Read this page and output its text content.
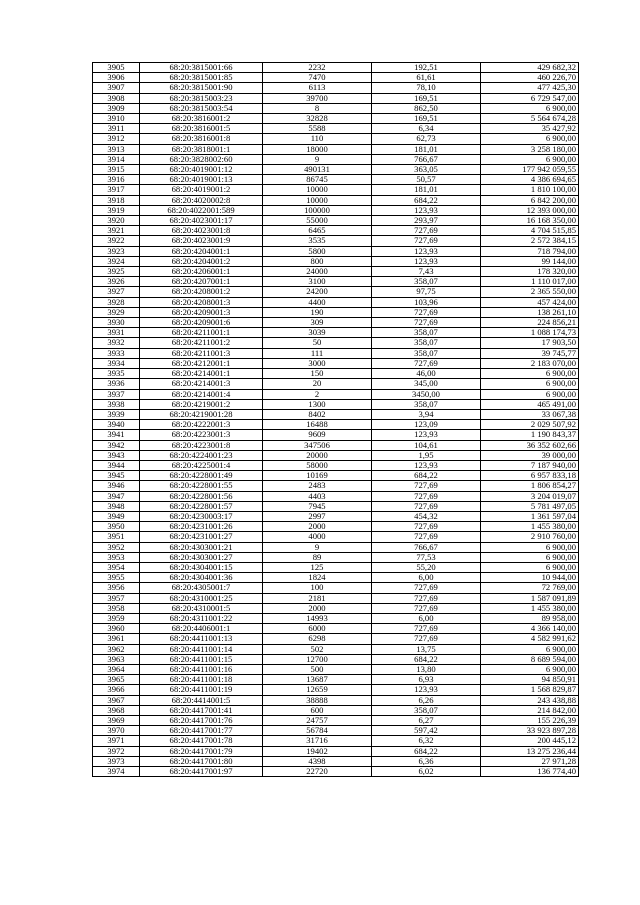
3905	68:20:3815001:66	2232	192,51	429 682,32
3906	68:20:3815001:85	7470	61,61	460 226,70
3907	68:20:3815001:90	6113	78,10	477 425,30
3908	68:20:3815003:23	39700	169,51	6 729 547,00
3909	68:20:3815003:54	8	862,50	6 900,00
3910	68:20:3816001:2	32828	169,51	5 564 674,28
3911	68:20:3816001:5	5588	6,34	35 427,92
3912	68:20:3816001:8	110	62,73	6 900,00
3913	68:20:3818001:1	18000	181,01	3 258 180,00
3914	68:20:3828002:60	9	766,67	6 900,00
3915	68:20:4019001:12	490131	363,05	177 942 059,55
3916	68:20:4019001:13	86745	50,57	4 386 694,65
3917	68:20:4019001:2	10000	181,01	1 810 100,00
3918	68:20:4020002:8	10000	684,22	6 842 200,00
3919	68:20:4022001:589	100000	123,93	12 393 000,00
3920	68:20:4023001:17	55000	293,97	16 168 350,00
3921	68:20:4023001:8	6465	727,69	4 704 515,85
3922	68:20:4023001:9	3535	727,69	2 572 384,15
3923	68:20:4204001:1	5800	123,93	718 794,00
3924	68:20:4204001:2	800	123,93	99 144,00
3925	68:20:4206001:1	24000	7,43	178 320,00
3926	68:20:4207001:1	3100	358,07	1 110 017,00
3927	68:20:4208001:2	24200	97,75	2 365 550,00
3928	68:20:4208001:3	4400	103,96	457 424,00
3929	68:20:4209001:3	190	727,69	138 261,10
3930	68:20:4209001:6	309	727,69	224 856,21
3931	68:20:4211001:1	3039	358,07	1 088 174,73
3932	68:20:4211001:2	50	358,07	17 903,50
3933	68:20:4211001:3	111	358,07	39 745,77
3934	68:20:4212001:1	3000	727,69	2 183 070,00
3935	68:20:4214001:1	150	46,00	6 900,00
3936	68:20:4214001:3	20	345,00	6 900,00
3937	68:20:4214001:4	2	3450,00	6 900,00
3938	68:20:4219001:2	1300	358,07	465 491,00
3939	68:20:4219001:28	8402	3,94	33 067,38
3940	68:20:4222001:3	16488	123,09	2 029 507,92
3941	68:20:4223001:3	9609	123,93	1 190 843,37
3942	68:20:4223001:8	347506	104,61	36 352 602,66
3943	68:20:4224001:23	20000	1,95	39 000,00
3944	68:20:4225001:4	58000	123,93	7 187 940,00
3945	68:20:4228001:49	10169	684,22	6 957 833,18
3946	68:20:4228001:55	2483	727,69	1 806 854,27
3947	68:20:4228001:56	4403	727,69	3 204 019,07
3948	68:20:4228001:57	7945	727,69	5 781 497,05
3949	68:20:4230003:17	2997	454,32	1 361 597,04
3950	68:20:4231001:26	2000	727,69	1 455 380,00
3951	68:20:4231001:27	4000	727,69	2 910 760,00
3952	68:20:4303001:21	9	766,67	6 900,00
3953	68:20:4303001:27	89	77,53	6 900,00
3954	68:20:4304001:15	125	55,20	6 900,00
3955	68:20:4304001:36	1824	6,00	10 944,00
3956	68:20:4305001:7	100	727,69	72 769,00
3957	68:20:4310001:25	2181	727,69	1 587 091,89
3958	68:20:4310001:5	2000	727,69	1 455 380,00
3959	68:20:4311001:22	14993	6,00	89 958,00
3960	68:20:4406001:1	6000	727,69	4 366 140,00
3961	68:20:4411001:13	6298	727,69	4 582 991,62
3962	68:20:4411001:14	502	13,75	6 900,00
3963	68:20:4411001:15	12700	684,22	8 689 594,00
3964	68:20:4411001:16	500	13,80	6 900,00
3965	68:20:4411001:18	13687	6,93	94 850,91
3966	68:20:4411001:19	12659	123,93	1 568 829,87
3967	68:20:4414001:5	38888	6,26	243 438,88
3968	68:20:4417001:41	600	358,07	214 842,00
3969	68:20:4417001:76	24757	6,27	155 226,39
3970	68:20:4417001:77	56784	597,42	33 923 897,28
3971	68:20:4417001:78	31716	6,32	200 445,12
3972	68:20:4417001:79	19402	684,22	13 275 236,44
3973	68:20:4417001:80	4398	6,36	27 971,28
3974	68:20:4417001:97	22720	6,02	136 774,40
